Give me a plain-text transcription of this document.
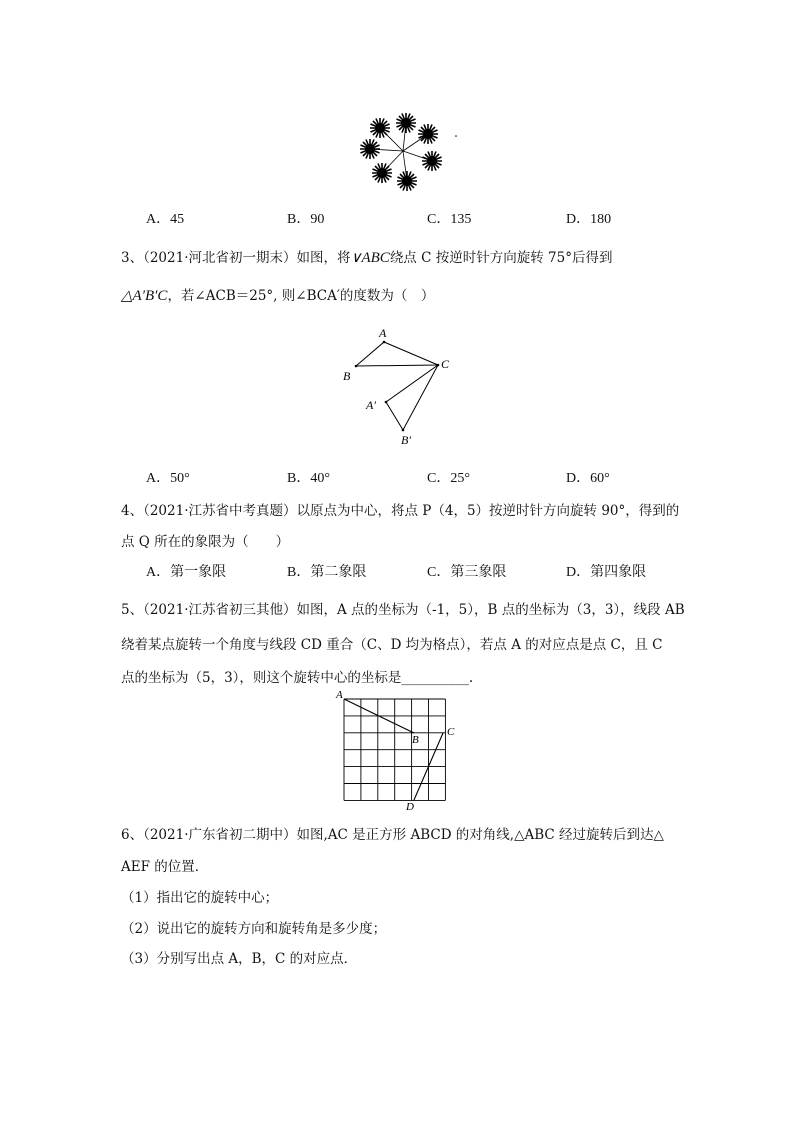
A．45	B．90	C．135	D．180
3、（2021·河北省初一期末）如图，将∨ABC绕点 C 按逆时针方向旋转 75°后得到
△A′B′C，若∠ACB＝25°, 则∠BCA′的度数为（　）
A
B
C
A′
B′
A．50°	B．40°	C．25°	D．60°
4、（2021·江苏省中考真题）以原点为中心，将点 P（4，5）按逆时针方向旋转 90°，得到的
点 Q 所在的象限为（　　）
A．第一象限	B．第二象限	C．第三象限	D．第四象限
5、（2021·江苏省初三其他）如图，A 点的坐标为（-1，5），B 点的坐标为（3，3），线段 AB
绕着某点旋转一个角度与线段 CD 重合（C、D 均为格点），若点 A 的对应点是点 C，且 C
点的坐标为（5，3），则这个旋转中心的坐标是__________.
A
B
C
D
6、（2021·广东省初二期中）如图,AC 是正方形 ABCD 的对角线,△ABC 经过旋转后到达△
AEF 的位置．
（1）指出它的旋转中心；
（2）说出它的旋转方向和旋转角是多少度；
（3）分别写出点 A，B，C 的对应点．
